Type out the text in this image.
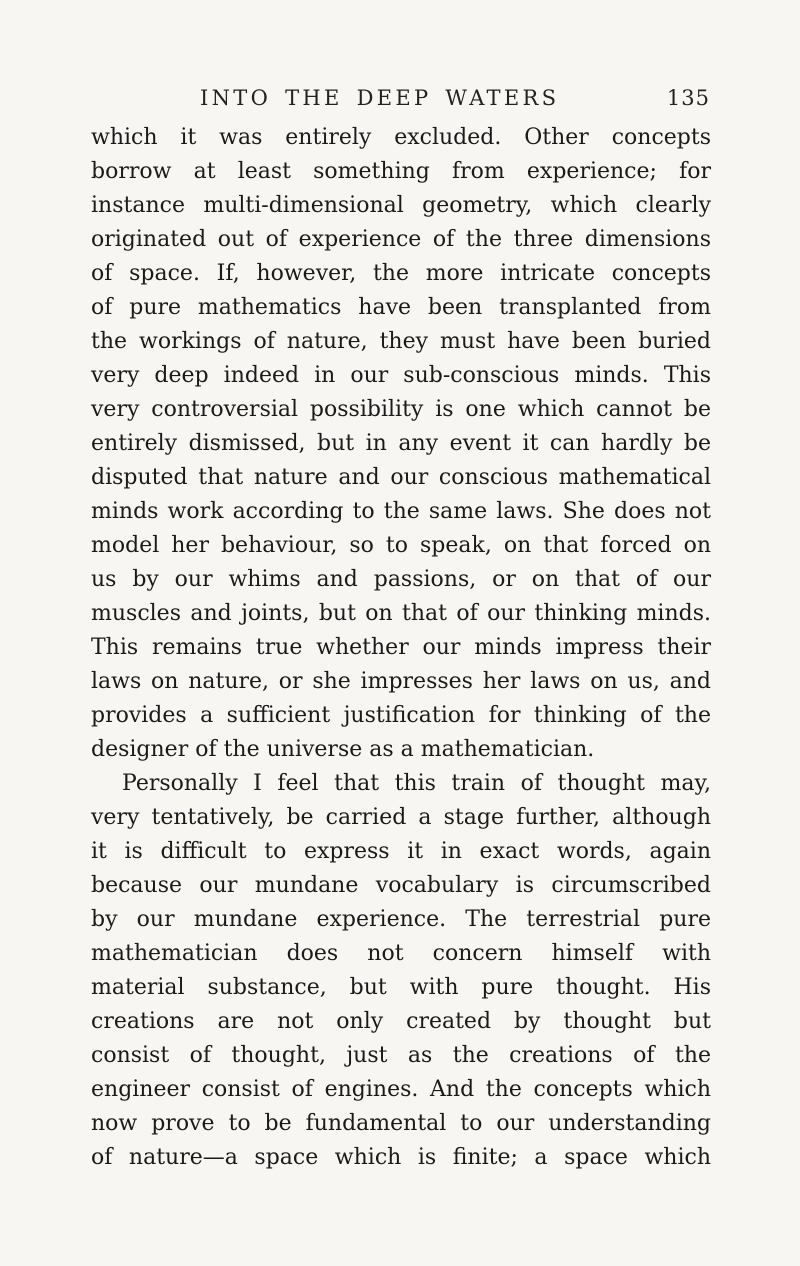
INTO THE DEEP WATERS	135
which it was entirely excluded. Other concepts
borrow at least something from experience; for
instance multi-dimensional geometry, which clearly
originated out of experience of the three dimensions
of space. If, however, the more intricate concepts
of pure mathematics have been transplanted from
the workings of nature, they must have been buried
very deep indeed in our sub-conscious minds. This
very controversial possibility is one which cannot be
entirely dismissed, but in any event it can hardly be
disputed that nature and our conscious mathematical
minds work according to the same laws. She does not
model her behaviour, so to speak, on that forced on
us by our whims and passions, or on that of our
muscles and joints, but on that of our thinking minds.
This remains true whether our minds impress their
laws on nature, or she impresses her laws on us, and
provides a sufficient justification for thinking of the
designer of the universe as a mathematician.
Personally I feel that this train of thought may,
very tentatively, be carried a stage further, although
it is difficult to express it in exact words, again
because our mundane vocabulary is circumscribed
by our mundane experience. The terrestrial pure
mathematician does not concern himself with
material substance, but with pure thought. His
creations are not only created by thought but
consist of thought, just as the creations of the
engineer consist of engines. And the concepts which
now prove to be fundamental to our understanding
of nature—a space which is finite; a space which
